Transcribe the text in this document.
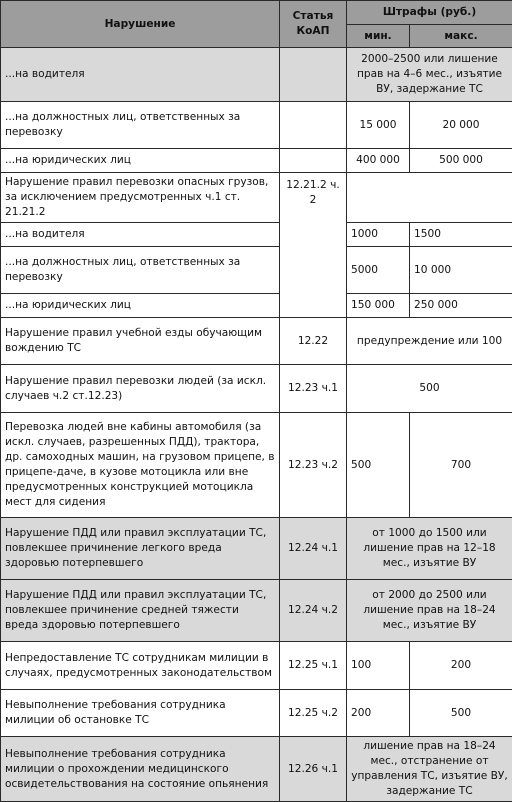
Нарушение	Статья КоАП	Штрафы (руб.)	
		мин.	макс.
...на водителя		2000–2500 или лишение прав на 4–6 мес., изъятие ВУ, задержание ТС	
...на должностных лиц, ответственных за перевозку		15 000	20 000
...на юридических лиц		400 000	500 000
Нарушение правил перевозки опасных грузов, за исключением предусмотренных ч.1 ст. 21.21.2	12.21.2 ч. 2		
...на водителя		1000	1500
...на должностных лиц, ответственных за перевозку		5000	10 000
...на юридических лиц		150 000	250 000
Нарушение правил учебной езды обучающим вождению ТС	12.22	предупреждение или 100	
Нарушение правил перевозки людей (за искл. случаев ч.2 ст.12.23)	12.23 ч.1	500	
Перевозка людей вне кабины автомобиля (за искл. случаев, разрешенных ПДД), трактора, др. самоходных машин, на грузовом прицепе, в прицепе-даче, в кузове мотоцикла или вне предусмотренных конструкцией мотоцикла мест для сидения	12.23 ч.2	500	700
Нарушение ПДД или правил эксплуатации ТС, повлекшее причинение легкого вреда здоровью потерпевшего	12.24 ч.1	от 1000 до 1500 или лишение прав на 12–18 мес., изъятие ВУ	
Нарушение ПДД или правил эксплуатации ТС, повлекшее причинение средней тяжести вреда здоровью потерпевшего	12.24 ч.2	от 2000 до 2500 или лишение прав на 18–24 мес., изъятие ВУ	
Непредоставление ТС сотрудникам милиции в случаях, предусмотренных законодательством	12.25 ч.1	100	200
Невыполнение требования сотрудника милиции об остановке ТС	12.25 ч.2	200	500
Невыполнение требования сотрудника милиции о прохождении медицинского освидетельствования на состояние опьянения	12.26 ч.1	лишение прав на 18–24 мес., отстранение от управления ТС, изъятие ВУ, задержание ТС	
